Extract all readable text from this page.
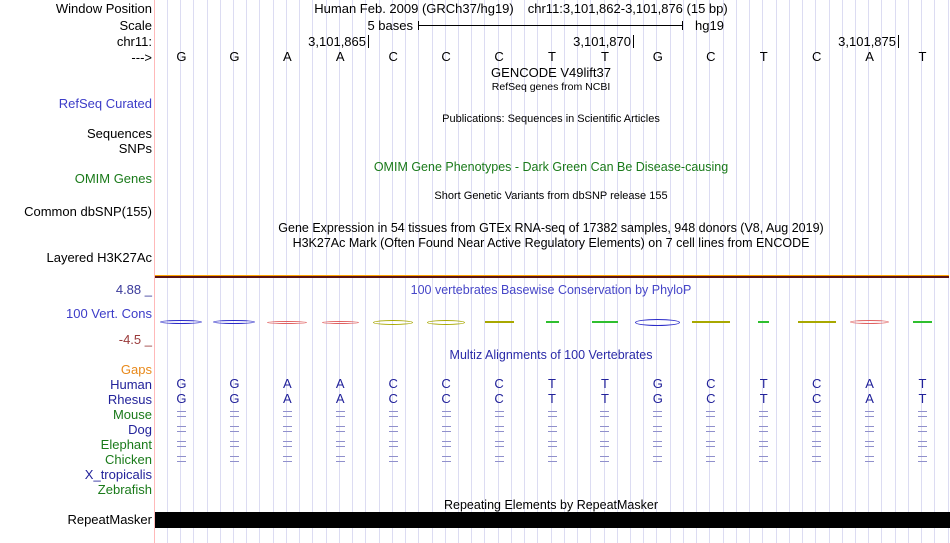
Human Feb. 2009 (GRCh37/hg19) chr11:3,101,862-3,101,876 (15 bp)
5 bases	hg19
3,101,865	3,101,870	3,101,875
G	G	A	A	C	C	C	T	T	G	C	T	C	A	T
Window Position
Scale
chr11:
--->
RefSeq Curated
Sequences
SNPs
OMIM Genes
Common dbSNP(155)
Layered H3K27Ac
4.88 _
100 Vert. Cons
-4.5 _
RepeatMasker
GENCODE V49lift37
RefSeq genes from NCBI
Publications: Sequences in Scientific Articles
OMIM Gene Phenotypes - Dark Green Can Be Disease-causing
Short Genetic Variants from dbSNP release 155
Gene Expression in 54 tissues from GTEx RNA-seq of 17382 samples, 948 donors (V8, Aug 2019)
H3K27Ac Mark (Often Found Near Active Regulatory Elements) on 7 cell lines from ENCODE
100 vertebrates Basewise Conservation by PhyloP
Multiz Alignments of 100 Vertebrates
Repeating Elements by RepeatMasker
Gaps
Human	G	G	A	A	C	C	C	T	T	G	C	T	C	A	T
Rhesus	G	G	A	A	C	C	C	T	T	G	C	T	C	A	T
Mouse
Dog
Elephant
Chicken
X_tropicalis
Zebrafish
